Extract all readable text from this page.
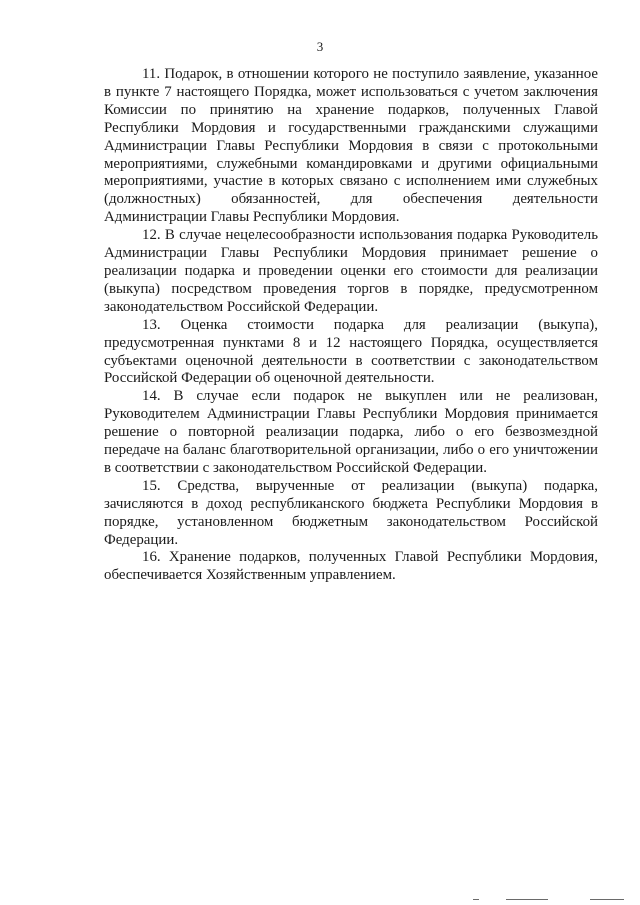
3

11. Подарок, в отношении которого не поступило заявление, указанное в пункте 7 настоящего Порядка, может использоваться с учетом заключения Комиссии по принятию на хранение подарков, полученных Главой Республики Мордовия и государственными гражданскими служащими Администрации Главы Республики Мордовия в связи с протокольными мероприятиями, служебными командировками и другими официальными мероприятиями, участие в которых связано с исполнением ими служебных (должностных) обязанностей, для обеспечения деятельности Администрации Главы Республики Мордовия.

12. В случае нецелесообразности использования подарка Руководитель Администрации Главы Республики Мордовия принимает решение о реализации подарка и проведении оценки его стоимости для реализации (выкупа) посредством проведения торгов в порядке, предусмотренном законодательством Российской Федерации.

13. Оценка стоимости подарка для реализации (выкупа), предусмотренная пунктами 8 и 12 настоящего Порядка, осуществляется субъектами оценочной деятельности в соответствии с законодательством Российской Федерации об оценочной деятельности.

14. В случае если подарок не выкуплен или не реализован, Руководителем Администрации Главы Республики Мордовия принимается решение о повторной реализации подарка, либо о его безвозмездной передаче на баланс благотворительной организации, либо о его уничтожении в соответствии с законодательством Российской Федерации.

15. Средства, вырученные от реализации (выкупа) подарка, зачисляются в доход республиканского бюджета Республики Мордовия в порядке, установленном бюджетным законодательством Российской Федерации.

16. Хранение подарков, полученных Главой Республики Мордовия, обеспечивается Хозяйственным управлением.
